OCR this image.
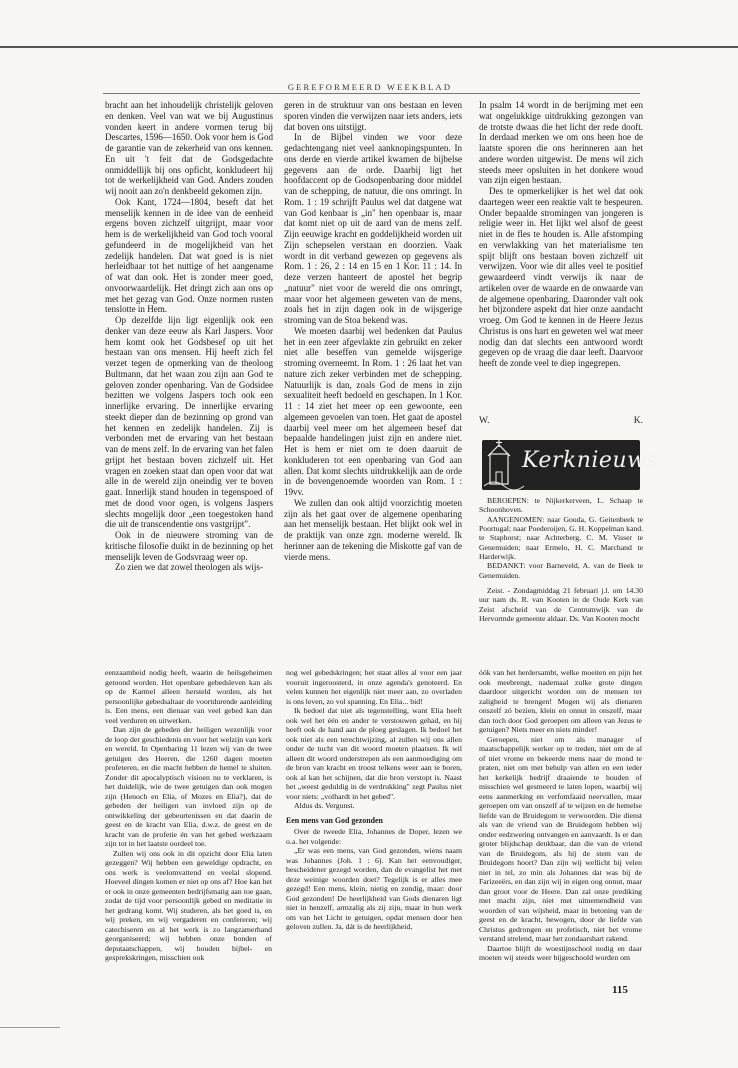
GEREFORMEERD WEEKBLAD

bracht aan het inhoudelijk christelijk geloven en denken. Veel van wat we bij Augustinus vonden keert in andere vormen terug bij Descartes, 1596—1650. Ook voor hem is God de garantie van de zekerheid van ons kennen. En uit 't feit dat de Godsgedachte onmiddellijk bij ons opficht, konkludeert hij tot de werkelijkheid van God. Anders zouden wij nooit aan zo'n denkbeeld gekomen zijn.

Ook Kant, 1724—1804, beseft dat het menselijk kennen in de idee van de eenheid ergens boven zichzelf uitgrijpt, maar voor hem is de werkelijkheid van God toch vooral gefundeerd in de mogelijkheid van het zedelijk handelen. Dat wat goed is is niet herleidbaar tot het nuttige of het aangename of wat dan ook. Het is zonder meer goed, onvoorwaardelijk. Het dringt zich aan ons op met het gezag van God. Onze normen rusten tenslotte in Hem.

Op dezelfde lijn ligt eigenlijk ook een denker van deze eeuw als Karl Jaspers. Voor hem komt ook het Godsbesef op uit het bestaan van ons mensen. Hij heeft zich fel verzet tegen de opmerking van de theoloog Bultmann, dat het waan zou zijn aan God te geloven zonder openbaring. Van de Godsidee bezitten we volgens Jaspers toch ook een innerlijke ervaring. De innerlijke ervaring steekt dieper dan de bezinning op grond van het kennen en zedelijk handelen. Zij is verbonden met de ervaring van het bestaan van de mens zelf. In de ervaring van het falen grijpt het bestaan boven zichzelf uit. Het vragen en zoeken staat dan open voor dat wat alle in de wereld zijn oneindig ver te boven gaat. Innerlijk stand houden in tegenspoed of met de dood voor ogen, is volgens Jaspers slechts mogelijk door „een toegestoken hand die uit de transcendentie ons vastgrijpt".

Ook in de nieuwere stroming van de kritische filosofie duikt in de bezinning op het menselijk leven de Godsvraag weer op.

Zo zien we dat zowel theologen als wijs-

geren in de struktuur van ons bestaan en leven sporen vinden die verwijzen naar iets anders, iets dat boven ons uitstijgt.

In de Bijbel vinden we voor deze gedachtengang niet veel aanknopingspunten. In ons derde en vierde artikel kwamen de bijbelse gegevens aan de orde. Daarbij ligt het hoofdaccent op de Godsopenbaring door middel van de schepping, de natuur, die ons omringt. In Rom. 1 : 19 schrijft Paulus wel dat datgene wat van God kenbaar is „in" hen openbaar is, maar dat komt niet op uit de aard van de mens zelf. Zijn eeuwige kracht en goddelijkheid worden uit Zijn schepselen verstaan en doorzien. Vaak wordt in dit verband gewezen op gegevens als Rom. 1 : 26, 2 : 14 en 15 en 1 Kor. 11 : 14. In deze verzen hanteert de apostel het begrip „natuur" niet voor de wereld die ons omringt, maar voor het algemeen geweten van de mens, zoals het in zijn dagen ook in de wijsgerige stroming van de Stoa bekend was.

We moeten daarbij wel bedenken dat Paulus het in een zeer afgevlakte zin gebruikt en zeker niet alle beseffen van gemelde wijsgerige stroming overneemt. In Rom. 1 : 26 laat het van nature zich zeker verbinden met de schepping. Natuurlijk is dan, zoals God de mens in zijn sexualiteit heeft bedoeld en geschapen. In 1 Kor. 11 : 14 ziet het meer op een gewoonte, een algemeen gevoelen van toen. Het gaat de apostel daarbij veel meer om het algemeen besef dat bepaalde handelingen juist zijn en andere niet. Het is hem er niet om te doen daaruit de konkluderen tot een openbaring van God aan allen. Dat komt slechts uitdrukkelijk aan de orde in de bovengenoemde woorden van Rom. 1 : 19vv.

We zullen dan ook altijd voorzichtig moeten zijn als het gaat over de algemene openbaring aan het menselijk bestaan. Het blijkt ook wel in de praktijk van onze zgn. moderne wereld. Ik herinner aan de tekening die Miskotte gaf van de vierde mens.

In psalm 14 wordt in de berijming met een wat ongelukkige uitdrukking gezongen van de trotste dwaas die het licht der rede dooft. In derdaad merken we om ons heen hoe de laatste sporen die ons herinneren aan het andere worden uitgewist. De mens wil zich steeds meer opsluiten in het donkere woud van zijn eigen bestaan.

Des te opmerkelijker is het wel dat ook daartegen weer een reaktie valt te bespeuren. Onder bepaalde stromingen van jongeren is religie weer in. Het lijkt wel alsof de geest niet in de fles te houden is. Alle afstomping en verwlakking van het materialisme ten spijt blijft ons bestaan boven zichzelf uit verwijzen. Voor wie dit alles veel te positief gewaardeerd vindt verwijs ik naar de artikelen over de waarde en de onwaarde van de algemene openbaring. Daaronder valt ook het bijzondere aspekt dat hier onze aandacht vroeg. Om God te kennen in de Heere Jezus Christus is ons hart en geweten wel wat meer nodig dan dat slechts een antwoord wordt gegeven op de vraag die daar leeft. Daarvoor heeft de zonde veel te diep ingegrepen.

W.	K.
Kerknieuws

BEROEPEN: te Nijkerkerveen, L. Schaap te Schoonhoven.

AANGENOMEN: naar Gouda, G. Geitenbeek te Poortugal; naar Poederoijen, G. H. Koppelman kand. te Staphorst; naar Achterberg, C. M. Visser te Genemuiden; naar Ermelo, H. C. Marchand te Harderwijk.

BEDANKT: voor Barneveld, A. van de Beek te Genemuiden.

Zeist. - Zondagmiddag 21 februari j.l. om 14.30 uur nam ds. R. van Kooten in de Oude Kerk van Zeist afscheid van de Centrumwijk van de Hervormde gemeente aldaar. Ds. Van Kooten mocht

eenzaamheid nodig heeft, waarin de heilsgeheimen getoond worden. Het openbare gebedsleven kan als op de Karmel alleen hersteld worden, als het persoonlijke gebedsaltaar de voortdurende aanleiding is. Een mens, een dienaar van veel gebed kan dan veel verduren en uitwerken.

Dan zijn de gebeden der heiligen wezenlijk voor de loop der geschiedenis en voor het welzijn van kerk en wereld. In Openbaring 11 lezen wij van de twee getuigen des Heeren, die 1260 dagen moeten profeteren, en die macht hebben de hemel te sluiten. Zonder dit apocalyptisch visioen nu te verklaren, is het duidelijk, wie de twee getuigen dan ook mogen zijn (Henoch en Elia, of Mozes en Elia?), dat de gebeden der heiligen van invloed zijn op de ontwikkeling der gebeurtenissen en dat daarin de geest en de kracht van Elia, d.w.z. de geest en de kracht van de profetie én van het gebed werkzaam zijn tot in het laatste oordeel toe.

Zullen wij ons ook in dit opzicht door Elia laten gezeggen? Wij hebben een geweldige opdracht, en ons werk is veelomvattend en veelal slopend. Hoeveel dingen komen er niet op ons af? Hoe kan het er ook in onze gemeenten bedrijfsmatig aan toe gaan, zodat de tijd voor persoonlijk gebed en meditatie in het gedrang komt. Wij studeren, als het goed is, en wij preken, en wij vergaderen en confereren; wij catechiseren en al het werk is zo langzamerhand georganiseerd; wij hebben onze bonden of deputaatschappen, wij houden bijbel- en gesprekskringen, misschien ook

nog wel gebedskringen; het staat alles al voor een jaar vooruit ingeroosterd, in onze agenda's genoteerd. En velen kunnen het eigenlijk niet meer aan, zo overladen is ons leven, zo vol spanning. En Elia... bid!

Ik bedoel dat niet als tegenstelling, want Elia heeft ook wel het één en ander te verstouwen gehad, en hij heeft ook de hand aan de ploeg geslagen. Ik bedoel het ook niet als een terechtwijzing, al zullen wij ons allen onder de tucht van dit woord moeten plaatsen. Ik wil alleen dit woord onderstrepen als een aanmoediging om de bron van kracht en troost telkens weer aan te boren, ook al kan het schijnen, dat die bron verstopt is. Naast het „weest geduldig in de verdrukking" zegt Paulus niet voor niets: „volhardt in het gebed".

Aldus ds. Vergunst.

Een mens van God gezonden

Over de tweede Elia, Johannes de Doper, lezen we o.a. het volgende:

„Er was een mens, van God gezonden, wiens naam was Johannes (Joh. 1 : 6). Kan het eenvoudiger, bescheidener gezegd worden, dan de evangelist het met deze weinige woorden doet? Tegelijk is er alles mee gezegd! Een mens, klein, nietig en zondig, maar: door God gezonden! De heerlijkheid van Gods dienaren ligt niet in henzelf, armzalig als zij zijn, maar in hun werk om van het Licht te getuigen, opdat mensen door hen geloven zullen. Ja, dát is de heerlijkheid,

óók van het herdersambt, welke moeiten en pijn het ook meebrengt, nademaal zulke grote dingen daardoor uitgericht worden om de mensen ter zaligheid te brengen! Mogen wij als dienaren onszelf zó bezien, klein en onnut in onszelf, maar dan toch door God geroepen om alleen van Jezus te getuigen? Niets meer en niets minder!

Geroepen, niet om als manager of maatschappelijk werker op te treden, niet om de al of niet vrome en bekeerde mens naar de mond te praten, niet om met behulp van allen en een ieder het kerkelijk bedrijf draaiende te houden of misschien wel gesmeerd te laten lopen, waarbij wij eens aanmerking en verfomfaaid neervallen, maar geroepen om van onszelf af te wijzen en de hemelse liefde van de Bruidegom te verwoorden. Die dienst als van de vriend van de Bruidegom hebben wij onder eedzwering ontvangen en aanvaardt. Is er dan groter blijdschap denkbaar, dan die van de vriend van de Bruidegom, als hij de stem van de Bruidegom hoort? Dan zijn wij wellicht bij velen niet in tel, zo min als Johannes dat was bij de Farizeeërs, en dan zijn wij in eigen oog onnut, maar dan groot voor de Heere. Dan zal onze prediking met macht zijn, niet met uitnemendheid van woorden of van wijsheid, maar in betoning van de geest en de kracht, bewogen, door de liefde van Christus gedrongen en profetisch, niet het vrome verstand strelend, maar het zondaarshart rakend.

Daartoe blijft de woestijnschool nodig en daar moeten wij steeds weer bijgeschoold worden om

115
